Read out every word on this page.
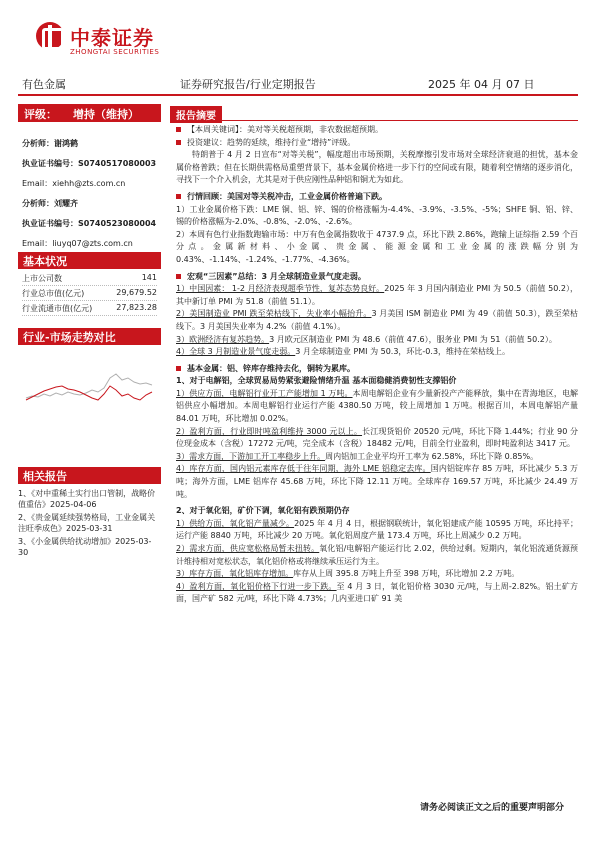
中泰证券
ZHONGTAI SECURITIES
有色金属	证券研究报告/行业定期报告	2025 年 04 月 07 日
评级： 增持（维持）
分析师：谢鸿鹤
执业证书编号：S0740517080003
Email：xiehh@zts.com.cn
分析师：刘耀齐
执业证书编号：S0740523080004
Email：liuyq07@zts.com.cn
基本状况
上市公司数	141
行业总市值(亿元)	29,679.52
行业流通市值(亿元)	27,823.28
行业-市场走势对比
相关报告
1、《对中重稀土实行出口管制，战略价值重估》2025-04-06
2、《贵金属延续强势格局，工业金属关注旺季成色》2025-03-31
3、《小金属供给扰动增加》2025-03-30
报告摘要

【本周关键词】：美对等关税超预期，非农数据超预期。

投资建议：趋势的延续，维持行业“增持”评级。

特朗普于 4 月 2 日宣布“对等关税”，幅度超出市场预期，关税摩擦引发市场对全球经济衰退的担忧，基本金属价格普跌；但在长期供需格局重塑背景下，基本金属价格进一步下行的空间或有限，随着利空情绪的逐步消化，寻找下一个介入机会，尤其是对于供应刚性品种铝和铜尤为如此。

行情回顾：美国对等关税冲击，工业金属价格普遍下跌。

1）工业金属价格下跌：LME 铜、铝、锌、锡的价格涨幅为-4.4%、-3.9%、-3.5%、-5%；SHFE 铜、铝、锌、锡的价格涨幅为-2.0%、-0.8%、-2.0%、-2.6%。

2）本周有色行业指数跑输市场：中万有色金属指数收于 4737.9 点，环比下跌 2.86%，跑输上证综指 2.59 个百分点。金属新材料、小金属、贵金属、能源金属和工业金属的涨跌幅分别为 0.43%、-1.14%、-1.24%、-1.77%、-4.36%。

宏观“三因素”总结：3 月全球制造业景气度走弱。

1）中国因素： 1-2 月经济表现超季节性，复苏态势良好。2025 年 3 月国内制造业 PMI 为 50.5（前值 50.2），其中新订单 PMI 为 51.8（前值 51.1）。

2）美国制造业 PMI 跌至荣枯线下，失业率小幅抬升。3 月美国 ISM 制造业 PMI 为 49（前值 50.3），跌至荣枯线下。3 月美国失业率为 4.2%（前值 4.1%）。

3）欧洲经济有复苏趋势。3 月欧元区制造业 PMI 为 48.6（前值 47.6），服务业 PMI 为 51（前值 50.2）。

4）全球 3 月制造业景气度走弱。3 月全球制造业 PMI 为 50.3，环比-0.3，维持在荣枯线上。

基本金属：铝、锌库存维持去化，铜转为累库。

1、对于电解铝，全球贸易局势紧张避险情绪升温 基本面稳健消费韧性支撑铝价

1）供应方面，电解铝行业开工产能增加 1 万吨。本周电解铝企业有少量新投产产能释放，集中在青海地区，电解铝供应小幅增加。本周电解铝行业运行产能 4380.50 万吨，较上周增加 1 万吨。根据百川，本周电解铝产量 84.01 万吨，环比增加 0.02%。

2）盈利方面，行业即时吨盈利维持 3000 元以上。长江现货铝价 20520 元/吨，环比下降 1.44%；行业 90 分位现金成本（含税）17272 元/吨，完全成本（含税）18482 元/吨，目前全行业盈利，即时吨盈利达 3417 元。

3）需求方面，下游加工开工率稳步上升。周内铝加工企业平均开工率为 62.58%，环比下降 0.85%。

4）库存方面，国内铝元素库存低于往年同期，海外 LME 铝稳定去库。国内铝锭库存 85 万吨，环比减少 5.3 万吨；海外方面，LME 铝库存 45.68 万吨，环比下降 12.11 万吨。全球库存 169.57 万吨，环比减少 24.49 万吨。

2、对于氧化铝，矿价下调，氧化铝有跌预期仍存

1）供给方面，氧化铝产量减少。2025 年 4 月 4 日，根据钢联统计，氧化铝建成产能 10595 万吨，环比持平；运行产能 8840 万吨，环比减少 20 万吨。氧化铝周度产量 173.4 万吨，环比上周减少 0.2 万吨。

2）需求方面，供应宽松格局暂未扭转。氧化铝/电解铝产能运行比 2.02，供给过剩。短期内，氧化铝流通货源预计维持相对宽松状态，氧化铝价格或将继续承压运行为主。

3）库存方面，氧化铝库存增加。库存从上周 395.8 万吨上升至 398 万吨，环比增加 2.2 万吨。

4）盈利方面，氧化铝价格下行进一步下跌。至 4 月 3 日，氧化铝价格 3030 元/吨，与上周-2.82%。铝土矿方面，国产矿 582 元/吨，环比下降 4.73%；几内亚进口矿 91 美

请务必阅读正文之后的重要声明部分
